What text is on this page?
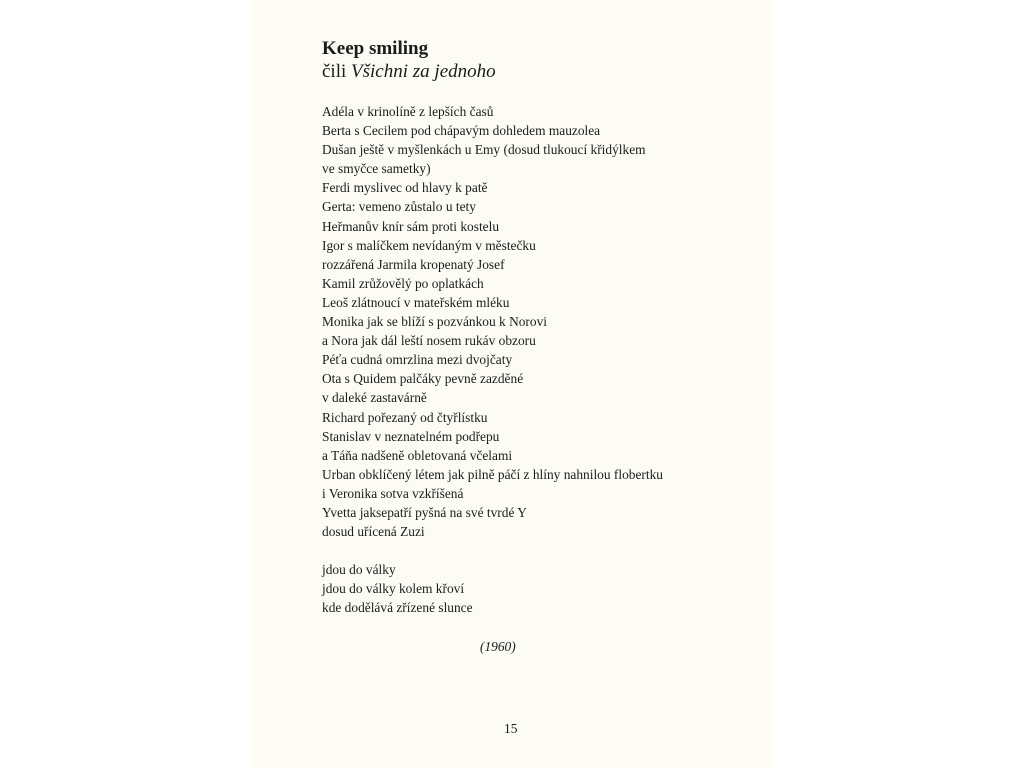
Keep smiling

čili Všichni za jednoho

Adéla v krinolíně z lepších časů
Berta s Cecilem pod chápavým dohledem mauzolea
Dušan ještě v myšlenkách u Emy (dosud tlukoucí křidýlkem
ve smyčce sametky)
Ferdi myslivec od hlavy k patě
Gerta: vemeno zůstalo u tety
Heřmanův knír sám proti kostelu
Igor s malíčkem nevídaným v městečku
rozzářená Jarmila kropenatý Josef
Kamil zrůžovělý po oplatkách
Leoš zlátnoucí v mateřském mléku
Monika jak se blíží s pozvánkou k Norovi
a Nora jak dál leští nosem rukáv obzoru
Péťa cudná omrzlina mezi dvojčaty
Ota s Quidem palčáky pevně zazděné
v daleké zastavárně
Richard pořezaný od čtyřlístku
Stanislav v neznatelném podřepu
a Táňa nadšeně obletovaná včelami
Urban obklíčený létem jak pilně páčí z hlíny nahnilou flobertku
i Veronika sotva vzkříšená
Yvetta jaksepatří pyšná na své tvrdé Y
dosud uřícená Zuzi
jdou do války
jdou do války kolem křoví
kde dodělává zřízené slunce
(1960)
15
